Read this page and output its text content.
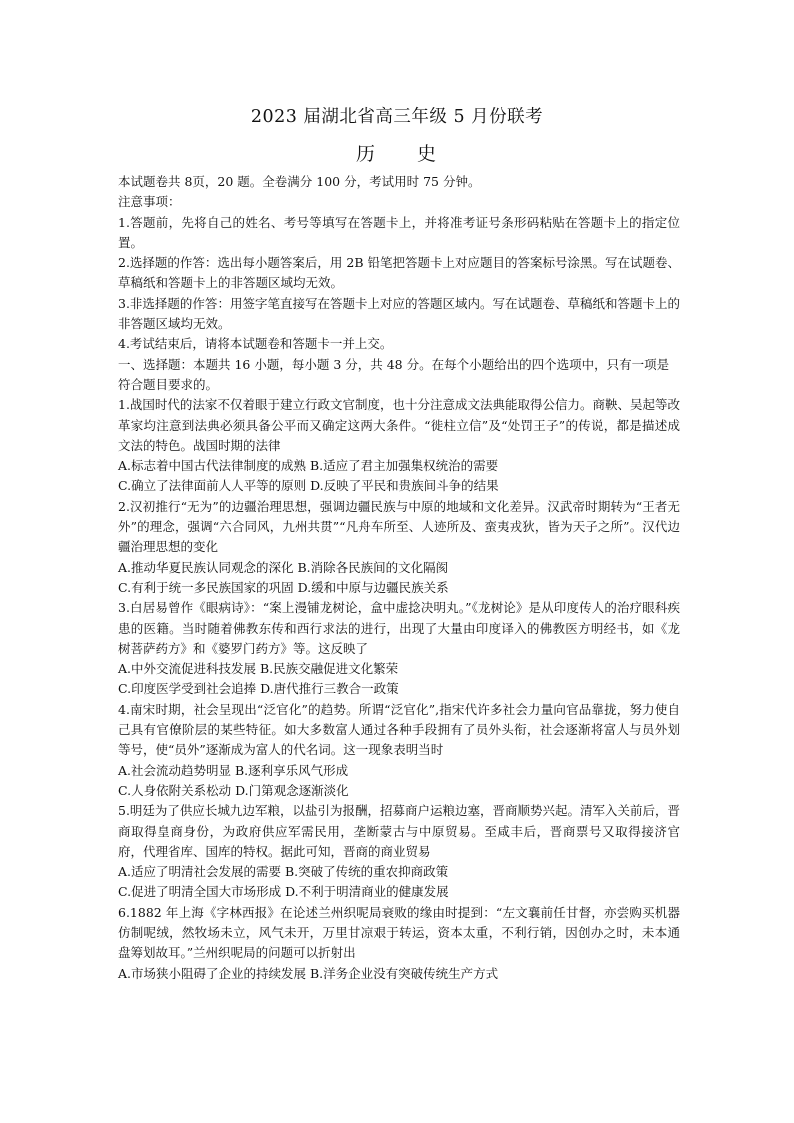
2023 届湖北省高三年级 5 月份联考
历 史
本试题卷共 8页，20 题。全卷满分 100 分，考试用时 75 分钟。
注意事项：
1.答题前，先将自己的姓名、考号等填写在答题卡上，并将准考证号条形码粘贴在答题卡上的指定位置。
2.选择题的作答：选出每小题答案后，用 2B 铅笔把答题卡上对应题目的答案标号涂黑。写在试题卷、草稿纸和答题卡上的非答题区域均无效。
3.非选择题的作答：用签字笔直接写在答题卡上对应的答题区域内。写在试题卷、草稿纸和答题卡上的非答题区域均无效。
4.考试结束后，请将本试题卷和答题卡一并上交。
一、选择题：本题共 16 小题，每小题 3 分，共 48 分。在每个小题给出的四个选项中，只有一项是符合题目要求的。
1.战国时代的法家不仅着眼于建立行政文官制度，也十分注意成文法典能取得公信力。商鞅、吴起等改革家均注意到法典必须具备公平而又确定这两大条件。“徙柱立信”及“处罚王子”的传说，都是描述成文法的特色。战国时期的法律
A.标志着中国古代法律制度的成熟 B.适应了君主加强集权统治的需要
C.确立了法律面前人人平等的原则 D.反映了平民和贵族间斗争的结果
2.汉初推行“无为”的边疆治理思想，强调边疆民族与中原的地域和文化差异。汉武帝时期转为“王者无外”的理念，强调“六合同风，九州共贯”“凡舟车所至、人迹所及、蛮夷戎狄，皆为天子之所”。汉代边疆治理思想的变化
A.推动华夏民族认同观念的深化 B.消除各民族间的文化隔阂
C.有利于统一多民族国家的巩固 D.缓和中原与边疆民族关系
3.白居易曾作《眼病诗》：“案上漫铺龙树论，盒中虚捻决明丸。”《龙树论》是从印度传人的治疗眼科疾患的医籍。当时随着佛教东传和西行求法的进行，出现了大量由印度译入的佛教医方明经书，如《龙树菩萨药方》和《婆罗门药方》等。这反映了
A.中外交流促进科技发展 B.民族交融促进文化繁荣
C.印度医学受到社会追捧 D.唐代推行三教合一政策
4.南宋时期，社会呈现出“泛官化”的趋势。所谓“泛官化”,指宋代许多社会力量向官品靠拢，努力使自己具有官僚阶层的某些特征。如大多数富人通过各种手段拥有了员外头衔，社会逐渐将富人与员外划等号，使“员外”逐渐成为富人的代名词。这一现象表明当时
A.社会流动趋势明显 B.逐利享乐风气形成
C.人身依附关系松动 D.门第观念逐渐淡化
5.明廷为了供应长城九边军粮，以盐引为报酬，招募商户运粮边塞，晋商顺势兴起。清军入关前后，晋商取得皇商身份，为政府供应军需民用，垄断蒙古与中原贸易。至咸丰后，晋商票号又取得接济官府，代理省库、国库的特权。据此可知，晋商的商业贸易
A.适应了明清社会发展的需要 B.突破了传统的重农抑商政策
C.促进了明清全国大市场形成 D.不利于明清商业的健康发展
6.1882 年上海《字林西报》在论述兰州织呢局衰败的缘由时提到：“左文襄前任甘督，亦尝购买机器仿制呢绒，然牧场未立，风气未开，万里甘凉艰于转运，资本太重，不利行销，因创办之时，未本通盘筹划故耳。”兰州织呢局的问题可以折射出
A.市场狭小阻碍了企业的持续发展 B.洋务企业没有突破传统生产方式
